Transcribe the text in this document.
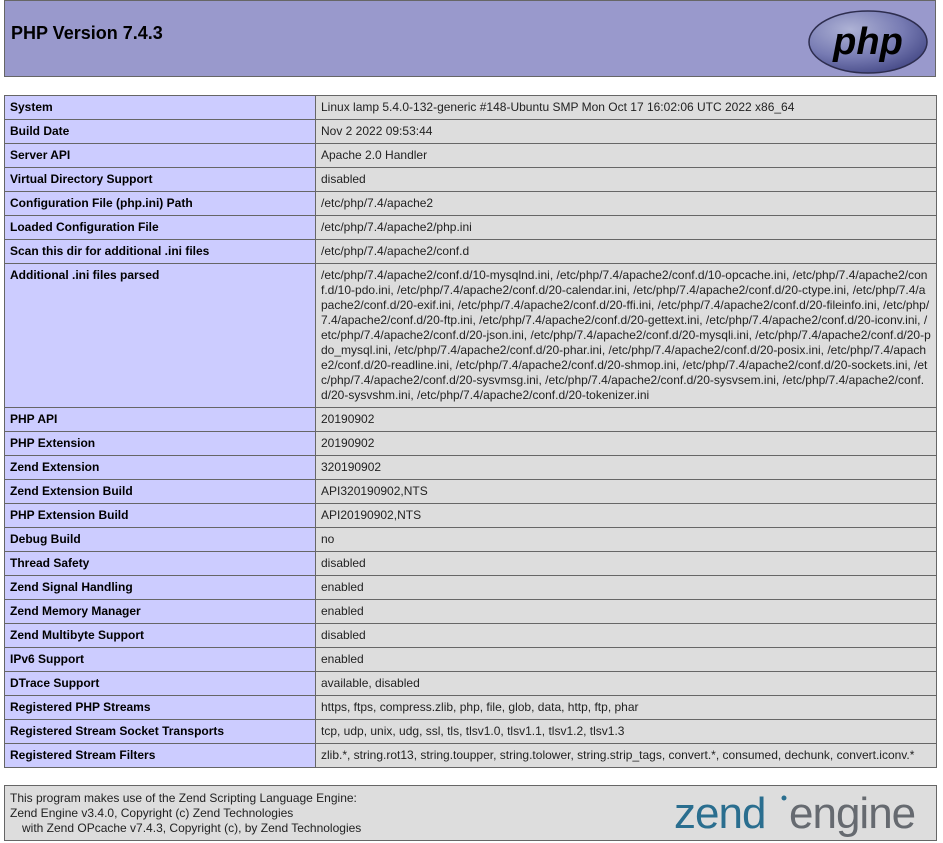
PHP Version 7.4.3	php
System	Linux lamp 5.4.0-132-generic #148-Ubuntu SMP Mon Oct 17 16:02:06 UTC 2022 x86_64
Build Date	Nov 2 2022 09:53:44
Server API	Apache 2.0 Handler
Virtual Directory Support	disabled
Configuration File (php.ini) Path	/etc/php/7.4/apache2
Loaded Configuration File	/etc/php/7.4/apache2/php.ini
Scan this dir for additional .ini files	/etc/php/7.4/apache2/conf.d
Additional .ini files parsed	/etc/php/7.4/apache2/conf.d/10-mysqlnd.ini, /etc/php/7.4/apache2/conf.d/10-opcache.ini, /etc/php/7.4/apache2/conf.d/10-pdo.ini, /etc/php/7.4/apache2/conf.d/20-calendar.ini, /etc/php/7.4/apache2/conf.d/20-ctype.ini, /etc/php/7.4/apache2/conf.d/20-exif.ini, /etc/php/7.4/apache2/conf.d/20-ffi.ini, /etc/php/7.4/apache2/conf.d/20-fileinfo.ini, /etc/php/7.4/apache2/conf.d/20-ftp.ini, /etc/php/7.4/apache2/conf.d/20-gettext.ini, /etc/php/7.4/apache2/conf.d/20-iconv.ini, /etc/php/7.4/apache2/conf.d/20-json.ini, /etc/php/7.4/apache2/conf.d/20-mysqli.ini, /etc/php/7.4/apache2/conf.d/20-pdo_mysql.ini, /etc/php/7.4/apache2/conf.d/20-phar.ini, /etc/php/7.4/apache2/conf.d/20-posix.ini, /etc/php/7.4/apache2/conf.d/20-readline.ini, /etc/php/7.4/apache2/conf.d/20-shmop.ini, /etc/php/7.4/apache2/conf.d/20-sockets.ini, /etc/php/7.4/apache2/conf.d/20-sysvmsg.ini, /etc/php/7.4/apache2/conf.d/20-sysvsem.ini, /etc/php/7.4/apache2/conf.d/20-sysvshm.ini, /etc/php/7.4/apache2/conf.d/20-tokenizer.ini
PHP API	20190902
PHP Extension	20190902
Zend Extension	320190902
Zend Extension Build	API320190902,NTS
PHP Extension Build	API20190902,NTS
Debug Build	no
Thread Safety	disabled
Zend Signal Handling	enabled
Zend Memory Manager	enabled
Zend Multibyte Support	disabled
IPv6 Support	enabled
DTrace Support	available, disabled
Registered PHP Streams	https, ftps, compress.zlib, php, file, glob, data, http, ftp, phar
Registered Stream Socket Transports	tcp, udp, unix, udg, ssl, tls, tlsv1.0, tlsv1.1, tlsv1.2, tlsv1.3
Registered Stream Filters	zlib.*, string.rot13, string.toupper, string.tolower, string.strip_tags, convert.*, consumed, dechunk, convert.iconv.*
This program makes use of the Zend Scripting Language Engine:
Zend Engine v3.4.0, Copyright (c) Zend Technologies
with Zend OPcache v7.4.3, Copyright (c), by Zend Technologies	zend engine
